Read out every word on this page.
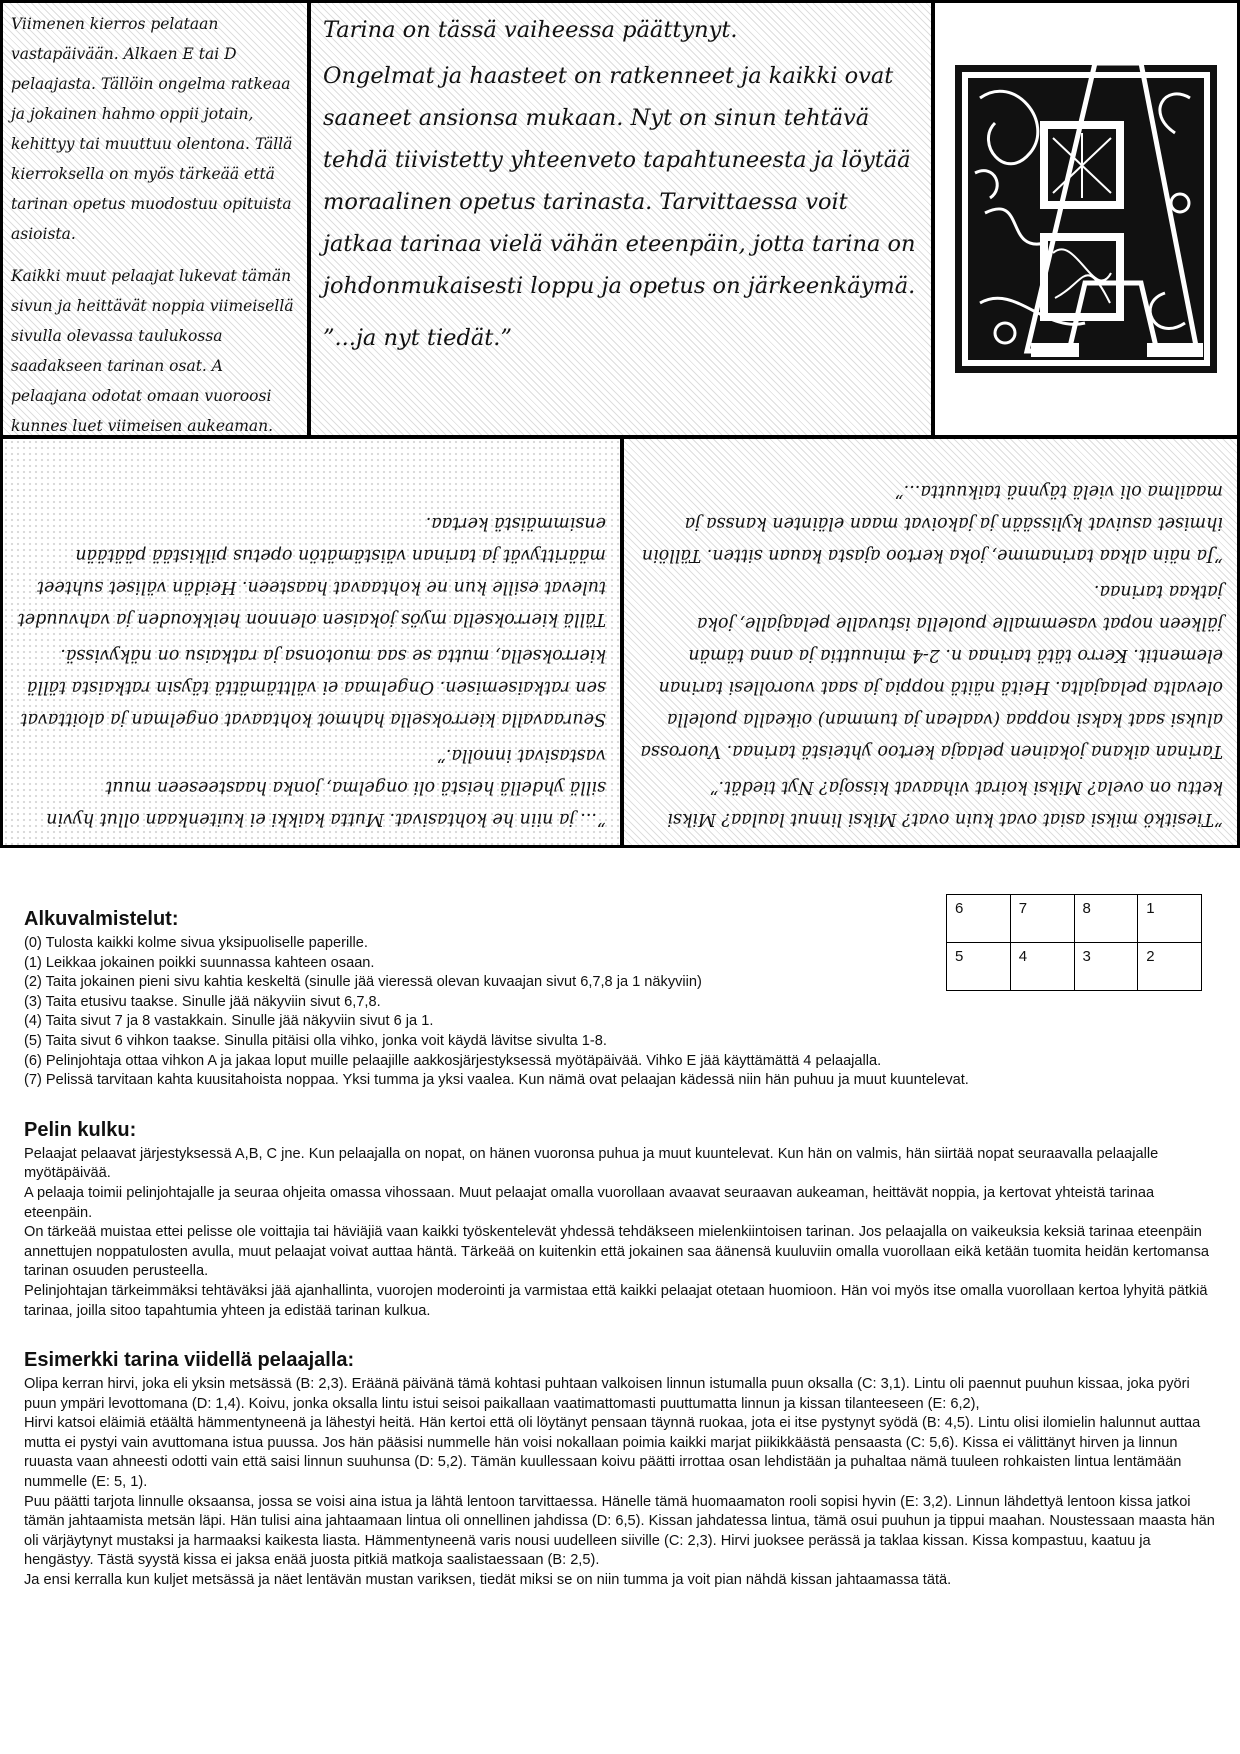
Viimenen kierros pelataan vastapäivään. Alkaen E tai D pelaajasta. Tällöin ongelma ratkeaa ja jokainen hahmo oppii jotain, kehittyy tai muuttuu olentona. Tällä kierroksella on myös tärkeää että tarinan opetus muodostuu opituista asioista.

Kaikki muut pelaajat lukevat tämän sivun ja heittävät noppia viimeisellä sivulla olevassa taulukossa saadakseen tarinan osat. A pelaajana odotat omaan vuoroosi kunnes luet viimeisen aukeaman.

Tarina on tässä vaiheessa päättynyt.

Ongelmat ja haasteet on ratkenneet ja kaikki ovat saaneet ansionsa mukaan. Nyt on sinun tehtävä tehdä tiivistetty yhteenveto tapahtuneesta ja löytää moraalinen opetus tarinasta. Tarvittaessa voit jatkaa tarinaa vielä vähän eteenpäin, jotta tarina on johdonmukaisesti loppu ja opetus on järkeenkäymä.

”...ja nyt tiedät.”

”... ja niin he kohtasivat. Mutta kaikki ei kuitenkaan ollut hyvin sillä yhdellä heistä oli ongelma, jonka haasteeseen muut vastasivat innolla.”

Seuraavalla kierroksella hahmot kohtaavat ongelman ja aloittavat sen ratkaisemisen. Ongelmaa ei välttämättä täysin ratkaista tällä kierroksella, mutta se saa muotonsa ja ratkaisu on näkyvissä.

Tällä kierroksella myös jokaisen olennon heikkouden ja vahvuudet tulevat esille kun ne kohtaavat haasteen. Heidän väliset suhteet määrittyvät ja tarinan väistämätön opetus pilkistää päätään ensimmäistä kertaa.

”Tiesitkö miksi asiat ovat kuin ovat? Miksi linnut laulaa? Miksi kettu on ovela? Miksi koirat vihaavat kissoja? Nyt tiedät.”

Tarinan aikana jokainen pelaaja kertoo yhteistä tarinaa. Vuorossa aluksi saat kaksi noppaa (vaalean ja tumman) oikealla puolella olevalta pelaajalta. Heitä näitä noppia ja saat vuorollesi tarinan elementit. Kerro tätä tarinaa n. 2-4 minuuttia ja anna tämän jälkeen nopat vasemmalle puolella istuvalle pelaajalle, joka jatkaa tarinaa.

”Ja näin alkaa tarinamme, joka kertoo ajasta kauan sitten. Tällöin ihmiset asuivat kylissään ja jakoivat maan eläinten kanssa ja maailma oli vielä täynnä taikuutta...”

6	7	8	1
5	4	3	2
Alkuvalmistelut:

(0) Tulosta kaikki kolme sivua yksipuoliselle paperille.

(1) Leikkaa jokainen poikki suunnassa kahteen osaan.

(2) Taita jokainen pieni sivu kahtia keskeltä (sinulle jää vieressä olevan kuvaajan sivut 6,7,8 ja 1 näkyviin)

(3) Taita etusivu taakse. Sinulle jää näkyviin sivut 6,7,8.

(4) Taita sivut 7 ja 8 vastakkain. Sinulle jää näkyviin sivut 6 ja 1.

(5) Taita sivut 6 vihkon taakse. Sinulla pitäisi olla vihko, jonka voit käydä lävitse sivulta 1-8.

(6) Pelinjohtaja ottaa vihkon A ja jakaa loput muille pelaajille aakkosjärjestyksessä myötäpäivää. Vihko E jää käyttämättä 4 pelaajalla.

(7) Pelissä tarvitaan kahta kuusitahoista noppaa. Yksi tumma ja yksi vaalea. Kun nämä ovat pelaajan kädessä niin hän puhuu ja muut kuuntelevat.

Pelin kulku:

Pelaajat pelaavat järjestyksessä A,B, C jne. Kun pelaajalla on nopat, on hänen vuoronsa puhua ja muut kuuntelevat. Kun hän on valmis, hän siirtää nopat seuraavalla pelaajalle myötäpäivää.

A pelaaja toimii pelinjohtajalle ja seuraa ohjeita omassa vihossaan. Muut pelaajat omalla vuorollaan avaavat seuraavan aukeaman, heittävät noppia, ja kertovat yhteistä tarinaa eteenpäin.

On tärkeää muistaa ettei pelisse ole voittajia tai häviäjiä vaan kaikki työskentelevät yhdessä tehdäkseen mielenkiintoisen tarinan. Jos pelaajalla on vaikeuksia keksiä tarinaa eteenpäin annettujen noppatulosten avulla, muut pelaajat voivat auttaa häntä. Tärkeää on kuitenkin että jokainen saa äänensä kuuluviin omalla vuorollaan eikä ketään tuomita heidän kertomansa tarinan osuuden perusteella.

Pelinjohtajan tärkeimmäksi tehtäväksi jää ajanhallinta, vuorojen moderointi ja varmistaa että kaikki pelaajat otetaan huomioon. Hän voi myös itse omalla vuorollaan kertoa lyhyitä pätkiä tarinaa, joilla sitoo tapahtumia yhteen ja edistää tarinan kulkua.

Esimerkki tarina viidellä pelaajalla:

Olipa kerran hirvi, joka eli yksin metsässä (B: 2,3). Eräänä päivänä tämä kohtasi puhtaan valkoisen linnun istumalla puun oksalla (C: 3,1). Lintu oli paennut puuhun kissaa, joka pyöri puun ympäri levottomana (D: 1,4). Koivu, jonka oksalla lintu istui seisoi paikallaan vaatimattomasti puuttumatta linnun ja kissan tilanteeseen (E: 6,2),

Hirvi katsoi eläimiä etäältä hämmentyneenä ja lähestyi heitä. Hän kertoi että oli löytänyt pensaan täynnä ruokaa, jota ei itse pystynyt syödä (B: 4,5). Lintu olisi ilomielin halunnut auttaa mutta ei pystyi vain avuttomana istua puussa. Jos hän pääsisi nummelle hän voisi nokallaan poimia kaikki marjat piikikkäästä pensaasta (C: 5,6). Kissa ei välittänyt hirven ja linnun ruuasta vaan ahneesti odotti vain että saisi linnun suuhunsa (D: 5,2). Tämän kuullessaan koivu päätti irrottaa osan lehdistään ja puhaltaa nämä tuuleen rohkaisten lintua lentämään nummelle (E: 5, 1).

Puu päätti tarjota linnulle oksaansa, jossa se voisi aina istua ja lähtä lentoon tarvittaessa. Hänelle tämä huomaamaton rooli sopisi hyvin (E: 3,2). Linnun lähdettyä lentoon kissa jatkoi tämän jahtaamista metsän läpi. Hän tulisi aina jahtaamaan lintua oli onnellinen jahdissa (D: 6,5). Kissan jahdatessa lintua, tämä osui puuhun ja tippui maahan. Noustessaan maasta hän oli värjäytynyt mustaksi ja harmaaksi kaikesta liasta. Hämmentyneenä varis nousi uudelleen siiville (C: 2,3). Hirvi juoksee perässä ja taklaa kissan. Kissa kompastuu, kaatuu ja hengästyy. Tästä syystä kissa ei jaksa enää juosta pitkiä matkoja saalistaessaan (B: 2,5).

Ja ensi kerralla kun kuljet metsässä ja näet lentävän mustan variksen, tiedät miksi se on niin tumma ja voit pian nähdä kissan jahtaamassa tätä.
